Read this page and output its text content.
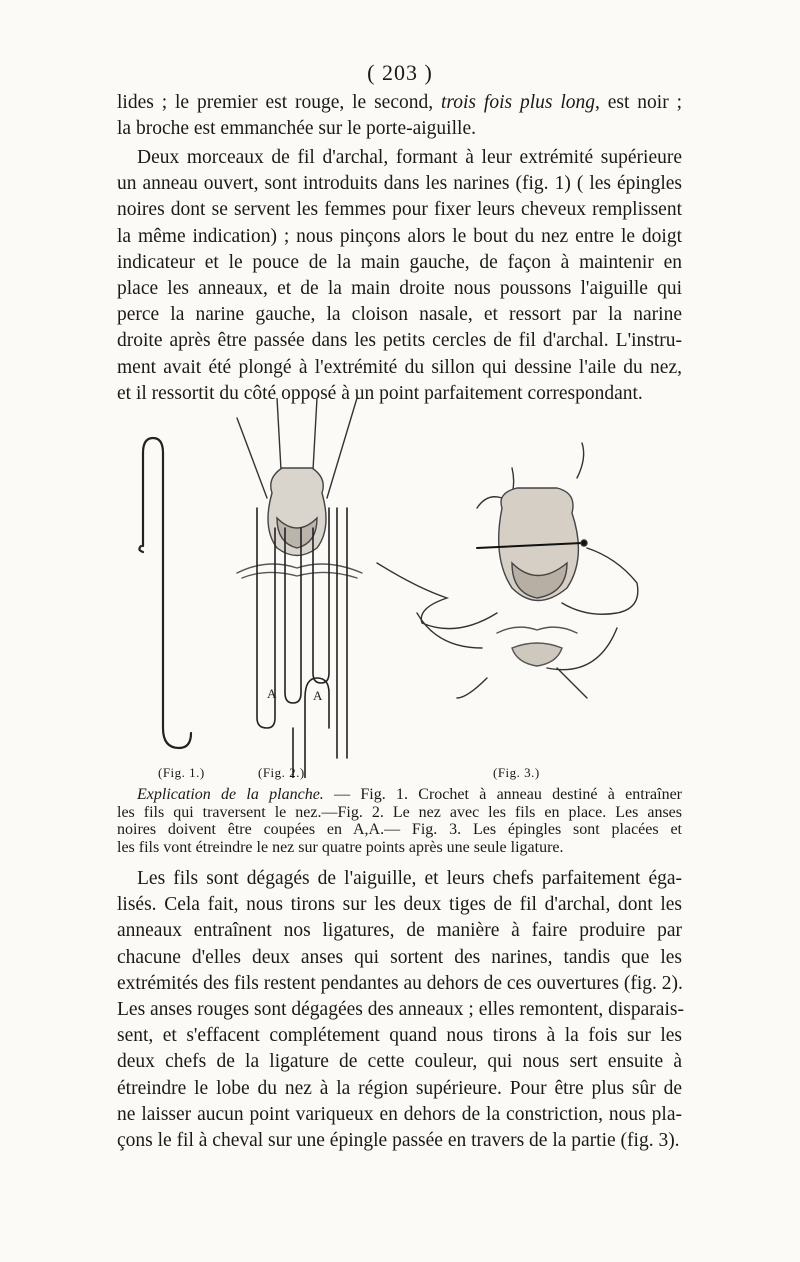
( 203 )
lides ; le premier est rouge, le second, trois fois plus long, est noir ;
la broche est emmanchée sur le porte-aiguille.
Deux morceaux de fil d'archal, formant à leur extrémité supérieure
un anneau ouvert, sont introduits dans les narines (fig. 1) ( les épingles
noires dont se servent les femmes pour fixer leurs cheveux remplissent
la même indication) ; nous pinçons alors le bout du nez entre le doigt
indicateur et le pouce de la main gauche, de façon à maintenir en
place les anneaux, et de la main droite nous poussons l'aiguille qui
perce la narine gauche, la cloison nasale, et ressort par la narine
droite après être passée dans les petits cercles de fil d'archal. L'instru-
ment avait été plongé à l'extrémité du sillon qui dessine l'aile du nez,
et il ressortit du côté opposé à un point parfaitement correspondant.
A	A
(Fig. 1.)	(Fig. 2.)	(Fig. 3.)
Explication de la planche. — Fig. 1. Crochet à anneau destiné à entraîner
les fils qui traversent le nez.—Fig. 2. Le nez avec les fils en place. Les anses
noires doivent être coupées en A,A.— Fig. 3. Les épingles sont placées et
les fils vont étreindre le nez sur quatre points après une seule ligature.
Les fils sont dégagés de l'aiguille, et leurs chefs parfaitement éga-
lisés. Cela fait, nous tirons sur les deux tiges de fil d'archal, dont les
anneaux entraînent nos ligatures, de manière à faire produire par
chacune d'elles deux anses qui sortent des narines, tandis que les
extrémités des fils restent pendantes au dehors de ces ouvertures (fig. 2).
Les anses rouges sont dégagées des anneaux ; elles remontent, disparais-
sent, et s'effacent complétement quand nous tirons à la fois sur les
deux chefs de la ligature de cette couleur, qui nous sert ensuite à
étreindre le lobe du nez à la région supérieure. Pour être plus sûr de
ne laisser aucun point variqueux en dehors de la constriction, nous pla-
çons le fil à cheval sur une épingle passée en travers de la partie (fig. 3).
